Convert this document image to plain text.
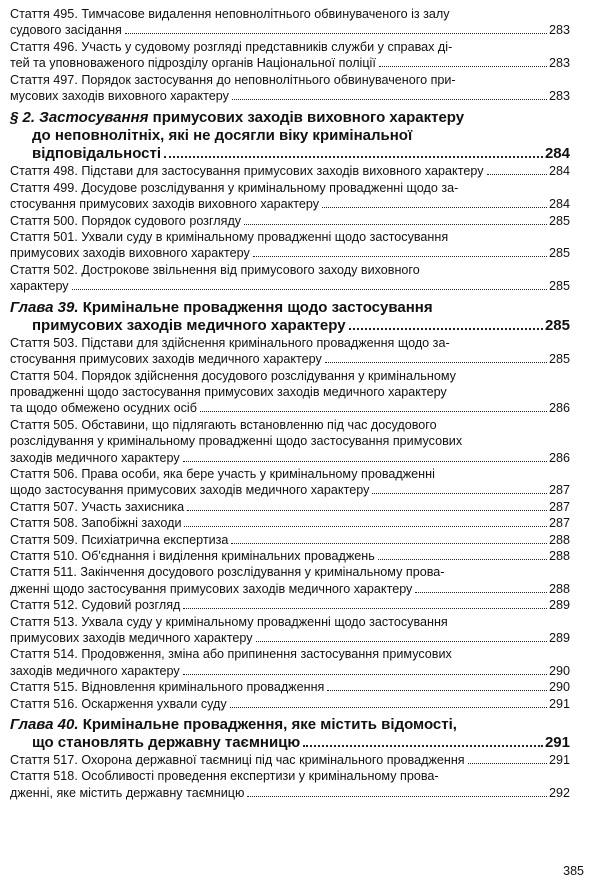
Стаття 495. Тимчасове видалення неповнолітнього обвинуваченого із залу
судового засідання	283
Стаття 496. Участь у судовому розгляді представників служби у справах ді-
тей та уповноваженого підрозділу органів Національної поліції	283
Стаття 497. Порядок застосування до неповнолітнього обвинуваченого при-
мусових заходів виховного характеру	283
§ 2. Застосування примусових заходів виховного характеру
до неповнолітніх, які не досягли віку кримінальної
відповідальності	284
Стаття 498. Підстави для застосування примусових заходів виховного характеру	284
Стаття 499. Досудове розслідування у кримінальному провадженні щодо за-
стосування примусових заходів виховного характеру	284
Стаття 500. Порядок судового розгляду	285
Стаття 501. Ухвали суду в кримінальному провадженні щодо застосування
примусових заходів виховного характеру	285
Стаття 502. Дострокове звільнення від примусового заходу виховного
характеру	285
Глава 39. Кримінальне провадження щодо застосування
примусових заходів медичного характеру	285
Стаття 503. Підстави для здійснення кримінального провадження щодо за-
стосування примусових заходів медичного характеру	285
Стаття 504. Порядок здійснення досудового розслідування у кримінальному
провадженні щодо застосування примусових заходів медичного характеру
та щодо обмежено осудних осіб	286
Стаття 505. Обставини, що підлягають встановленню під час досудового
розслідування у кримінальному провадженні щодо застосування примусових
заходів медичного характеру	286
Стаття 506. Права особи, яка бере участь у кримінальному провадженні
щодо застосування примусових заходів медичного характеру	287
Стаття 507. Участь захисника	287
Стаття 508. Запобіжні заходи	287
Стаття 509. Психіатрична експертиза	288
Стаття 510. Об'єднання і виділення кримінальних проваджень	288
Стаття 511. Закінчення досудового розслідування у кримінальному прова-
дженні щодо застосування примусових заходів медичного характеру	288
Стаття 512. Судовий розгляд	289
Стаття 513. Ухвала суду у кримінальному провадженні щодо застосування
примусових заходів медичного характеру	289
Стаття 514. Продовження, зміна або припинення застосування примусових
заходів медичного характеру	290
Стаття 515. Відновлення кримінального провадження	290
Стаття 516. Оскарження ухвали суду	291
Глава 40. Кримінальне провадження, яке містить відомості,
що становлять державну таємницю	291
Стаття 517. Охорона державної таємниці під час кримінального провадження	291
Стаття 518. Особливості проведення експертизи у кримінальному прова-
дженні, яке містить державну таємницю	292
385
